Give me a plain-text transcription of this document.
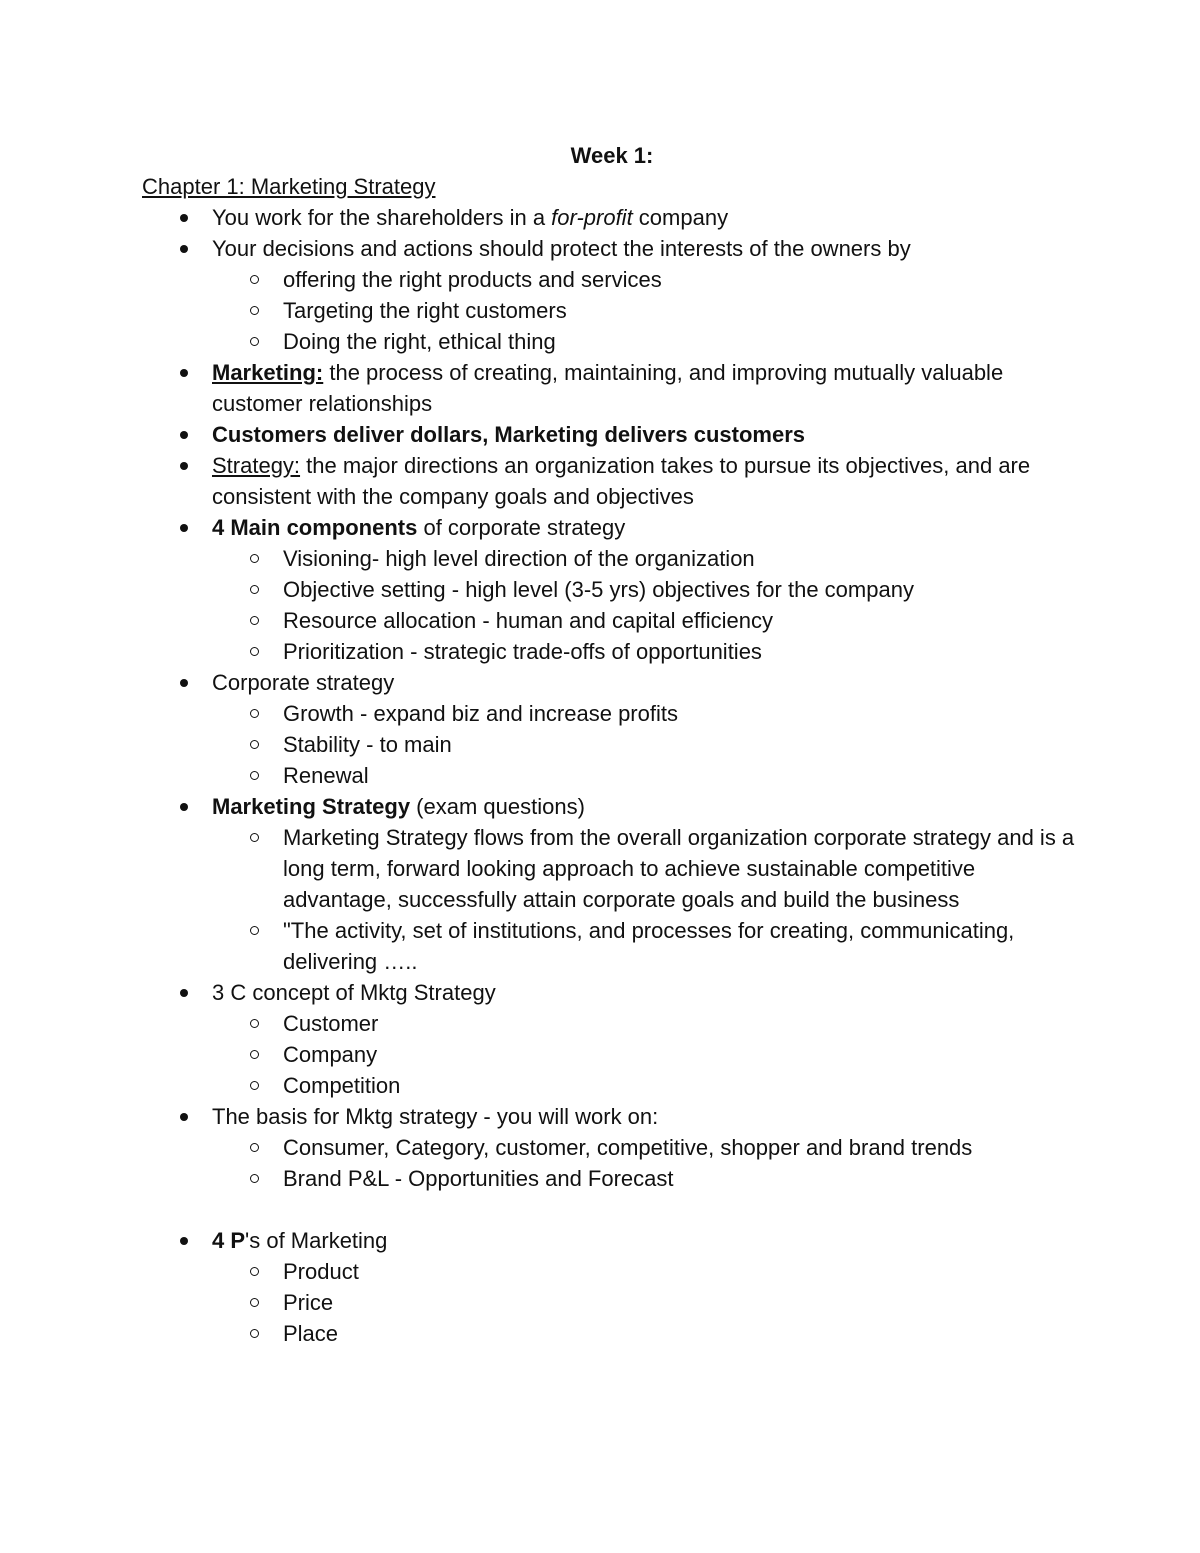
Week 1:

Chapter 1: Marketing Strategy

You work for the shareholders in a for-profit company
Your decisions and actions should protect the interests of the owners by
offering the right products and services
Targeting the right customers
Doing the right, ethical thing
Marketing: the process of creating, maintaining, and improving mutually valuable customer relationships
Customers deliver dollars, Marketing delivers customers
Strategy: the major directions an organization takes to pursue its objectives, and are consistent with the company goals and objectives
4 Main components of corporate strategy
Visioning- high level direction of the organization
Objective setting - high level (3-5 yrs) objectives for the company
Resource allocation - human and capital efficiency
Prioritization - strategic trade-offs of opportunities
Corporate strategy
Growth - expand biz and increase profits
Stability - to main
Renewal
Marketing Strategy (exam questions)
Marketing Strategy flows from the overall organization corporate strategy and is a long term, forward looking approach to achieve sustainable competitive advantage, successfully attain corporate goals and build the business
"The activity, set of institutions, and processes for creating, communicating, delivering …..
3 C concept of Mktg Strategy
Customer
Company
Competition
The basis for Mktg strategy - you will work on:
Consumer, Category, customer, competitive, shopper and brand trends
Brand P&L - Opportunities and Forecast
4 P's of Marketing
Product
Price
Place
